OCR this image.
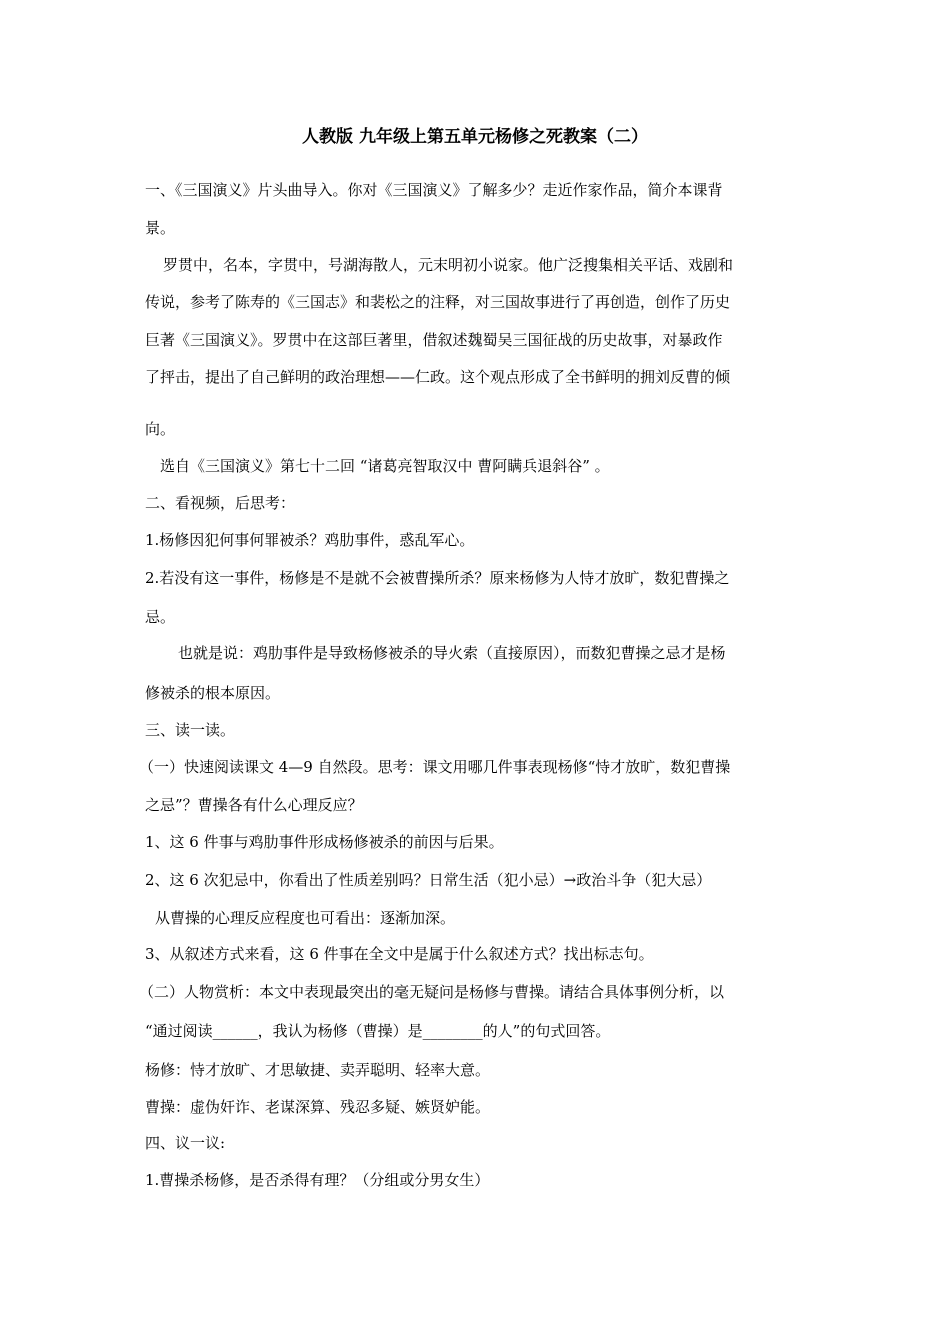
人教版 九年级上第五单元杨修之死教案（二）
一、《三国演义》片头曲导入。你对《三国演义》了解多少？走近作家作品，简介本课背
景。
罗贯中，名本，字贯中，号湖海散人，元末明初小说家。他广泛搜集相关平话、戏剧和
传说，参考了陈寿的《三国志》和裴松之的注释，对三国故事进行了再创造，创作了历史
巨著《三国演义》。罗贯中在这部巨著里，借叙述魏蜀吴三国征战的历史故事，对暴政作
了抨击，提出了自己鲜明的政治理想——仁政。这个观点形成了全书鲜明的拥刘反曹的倾
向。
选自《三国演义》第七十二回 “诸葛亮智取汉中 曹阿瞒兵退斜谷” 。
二、看视频，后思考：
1.杨修因犯何事何罪被杀？鸡肋事件，惑乱军心。
2.若没有这一事件，杨修是不是就不会被曹操所杀？原来杨修为人恃才放旷，数犯曹操之
忌。
也就是说：鸡肋事件是导致杨修被杀的导火索（直接原因），而数犯曹操之忌才是杨
修被杀的根本原因。
三、读一读。
（一）快速阅读课文 4—9 自然段。思考：课文用哪几件事表现杨修“恃才放旷，数犯曹操
之忌”？曹操各有什么心理反应？
1、这 6 件事与鸡肋事件形成杨修被杀的前因与后果。
2、这 6 次犯忌中，你看出了性质差别吗？日常生活（犯小忌）→政治斗争（犯大忌）
从曹操的心理反应程度也可看出：逐渐加深。
3、从叙述方式来看，这 6 件事在全文中是属于什么叙述方式？找出标志句。
（二）人物赏析：本文中表现最突出的毫无疑问是杨修与曹操。请结合具体事例分析，以
“通过阅读______，我认为杨修（曹操）是________的人”的句式回答。
杨修：恃才放旷、才思敏捷、卖弄聪明、轻率大意。
曹操：虚伪奸诈、老谋深算、残忍多疑、嫉贤妒能。
四、议一议:
1.曹操杀杨修，是否杀得有理？（分组或分男女生）
